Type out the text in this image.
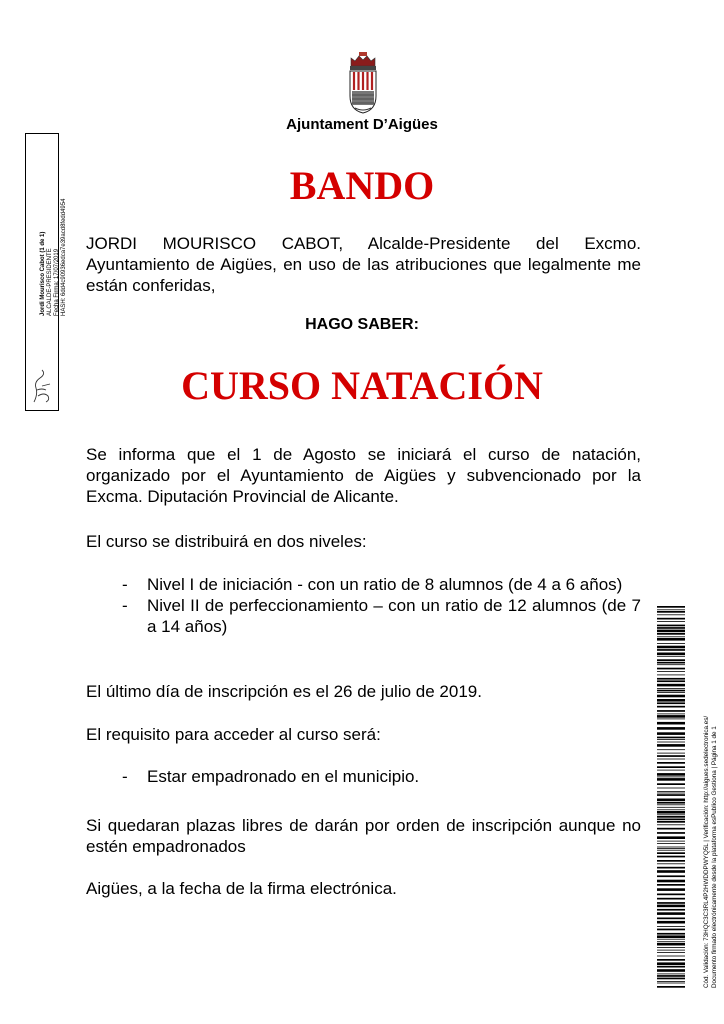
Ajuntament D’Aigües
BANDO
JORDI MOURISCO CABOT, Alcalde-Presidente del Excmo. Ayuntamiento de Aigües, en uso de las atribuciones que legalmente me están conferidas,
HAGO SABER:
CURSO NATACIÓN
Se informa que el 1 de Agosto se iniciará el curso de natación, organizado por el Ayuntamiento de Aigües y subvencionado por la Excma. Diputación Provincial de Alicante.
El curso se distribuirá en dos niveles:
- Nivel I de iniciación - con un ratio de 8 alumnos (de 4 a 6 años)
- Nivel II de perfeccionamiento – con un ratio de 12 alumnos (de 7 a 14 años)
El último día de inscripción es el 26 de julio de 2019.
El requisito para acceder al curso será:
- Estar empadronado en el municipio.
Si quedaran plazas libres de darán por orden de inscripción aunque no estén empadronados
Aigües, a la fecha de la firma electrónica.
Jordi Mourisco Cabot (1 de 1) ALCALDE-PRESIDENTE Fecha Firma: 17/07/2019 HASH: 6dd4c90936edca7e39acd8fedd4954
Cód. Validación: 73HQC3C3RL4P2HWDDPWYQ5L | Verificación: http://aigues.sedelectronica.es/ Documento firmado electrónicamente desde la plataforma esPublico Gestiona | Página 1 de 1
